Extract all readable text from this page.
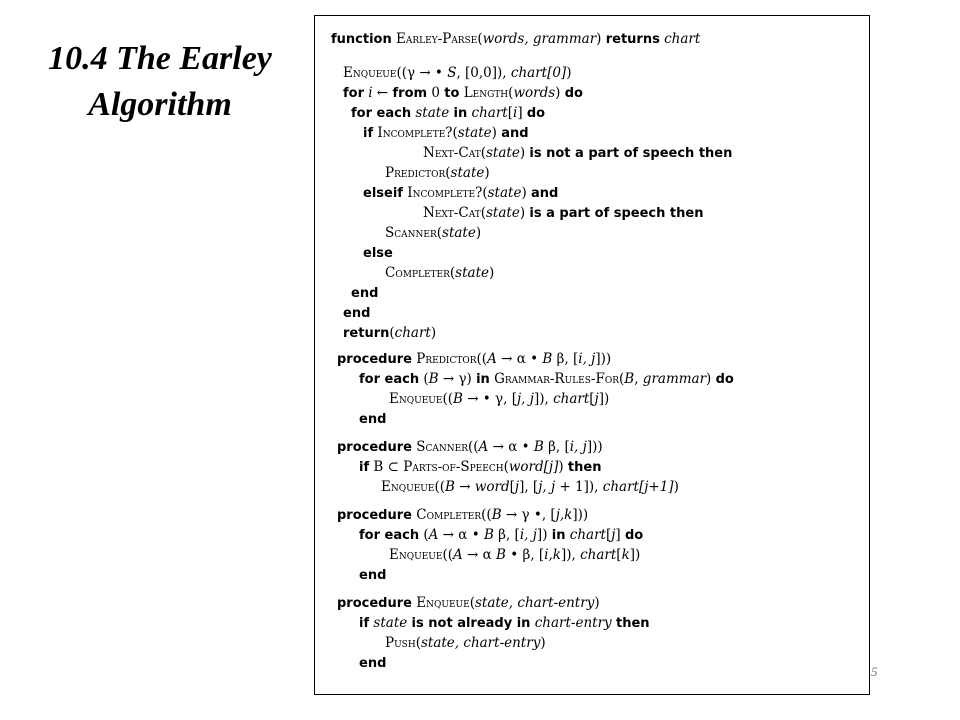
10.4 The Earley
Algorithm
function Earley-Parse(words, grammar) returns chart
Enqueue((γ → • S, [0,0]), chart[0])
for i ← from 0 to Length(words) do
for each state in chart[i] do
if Incomplete?(state) and
Next-Cat(state) is not a part of speech then
Predictor(state)
elseif Incomplete?(state) and
Next-Cat(state) is a part of speech then
Scanner(state)
else
Completer(state)
end
end
return(chart)
procedure Predictor((A → α • B β, [i, j]))
for each (B → γ) in Grammar-Rules-For(B, grammar) do
Enqueue((B → • γ, [j, j]), chart[j])
end
procedure Scanner((A → α • B β, [i, j]))
if B ⊂ Parts-of-Speech(word[j]) then
Enqueue((B → word[j], [j, j + 1]), chart[j+1])
procedure Completer((B → γ •, [j,k]))
for each (A → α • B β, [i, j]) in chart[j] do
Enqueue((A → α B • β, [i,k]), chart[k])
end
procedure Enqueue(state, chart-entry)
if state is not already in chart-entry then
Push(state, chart-entry)
end
5
